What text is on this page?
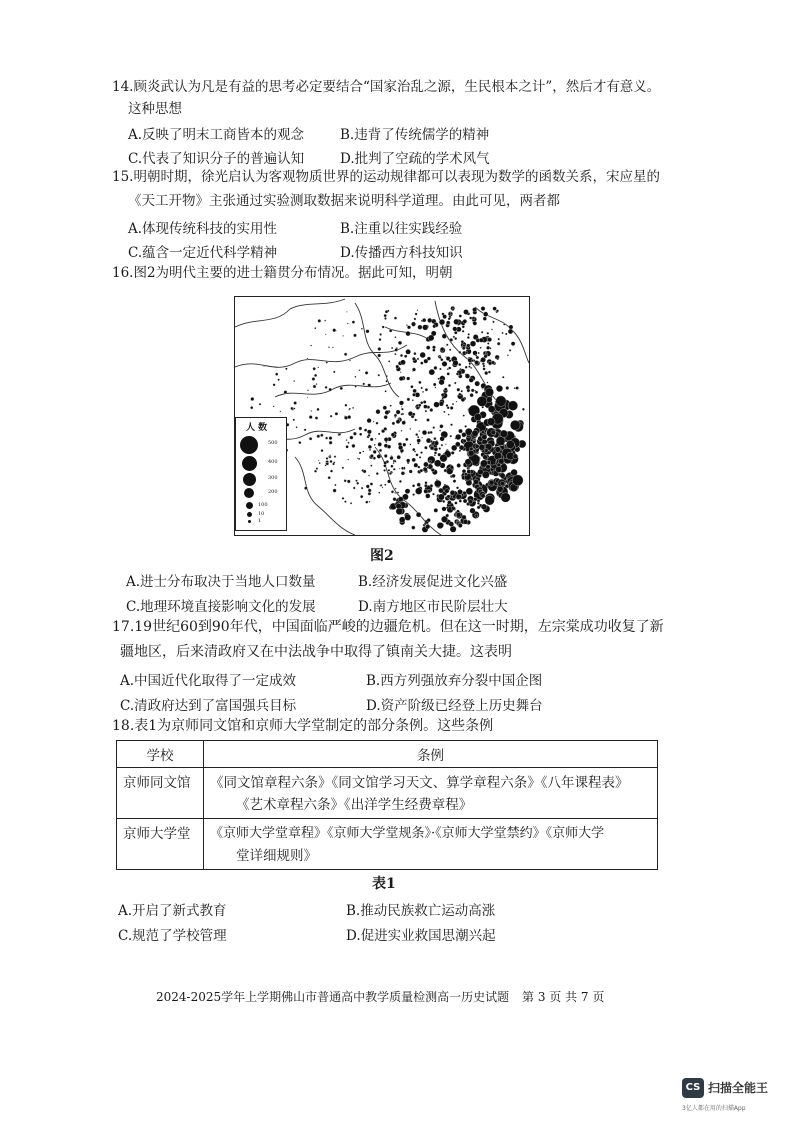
14.顾炎武认为凡是有益的思考必定要结合“国家治乱之源，生民根本之计”，然后才有意义。
这种思想
A.反映了明末工商皆本的观念	B.违背了传统儒学的精神
C.代表了知识分子的普遍认知	D.批判了空疏的学术风气
15.明朝时期，徐光启认为客观物质世界的运动规律都可以表现为数学的函数关系，宋应星的
《天工开物》主张通过实验测取数据来说明科学道理。由此可见，两者都
A.体现传统科技的实用性	B.注重以往实践经验
C.蕴含一定近代科学精神	D.传播西方科技知识
16.图2为明代主要的进士籍贯分布情况。据此可知，明朝
人 数
500
400
300
200
100
10
1
图2
A.进士分布取决于当地人口数量	B.经济发展促进文化兴盛
C.地理环境直接影响文化的发展	D.南方地区市民阶层壮大
17.19世纪60到90年代，中国面临严峻的边疆危机。但在这一时期，左宗棠成功收复了新
疆地区，后来清政府又在中法战争中取得了镇南关大捷。这表明
A.中国近代化取得了一定成效	B.西方列强放弃分裂中国企图
C.清政府达到了富国强兵目标	D.资产阶级已经登上历史舞台
18.表1为京师同文馆和京师大学堂制定的部分条例。这些条例
学校	条例
京师同文馆	《同文馆章程六条》《同文馆学习天文、算学章程六条》《八年课程表》
《艺术章程六条》《出洋学生经费章程》

京师大学堂	《京师大学堂章程》《京师大学堂规条》·《京师大学堂禁约》《京师大学
堂详细规则》
表1
A.开启了新式教育	B.推动民族救亡运动高涨
C.规范了学校管理	D.促进实业救国思潮兴起
2024-2025学年上学期佛山市普通高中教学质量检测高一历史试题 第 3 页 共 7 页
CS 扫描全能王
3亿人都在用的扫描App
